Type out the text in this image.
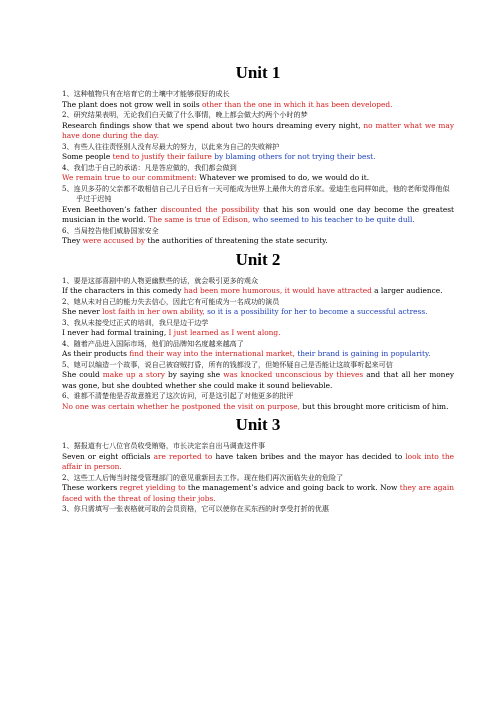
Unit 1

1、这种植物只有在培育它的土壤中才能够很好的成长

The plant does not grow well in soils other than the one in which it has been developed.

2、研究结果表明，无论我们白天做了什么事情，晚上都会做大约两个小时的梦

Research findings show that we spend about two hours dreaming every night, no matter what we may have done during the day.

3、有些人往往责怪别人没有尽最大的努力，以此来为自己的失败辩护

Some people tend to justify their failure by blaming others for not trying their best.

4、我们忠于自己的承诺：凡是答应做的，我们都会做到

We remain true to our commitment: Whatever we promised to do, we would do it.

5、连贝多芬的父亲都不敢相信自己儿子日后有一天可能成为世界上最伟大的音乐家。爱迪生也同样如此，他的老师觉得他似乎过于迟钝

Even Beethoven’s father discounted the possibility that his son would one day become the greatest musician in the world. The same is true of Edison, who seemed to his teacher to be quite dull.

6、当局控告他们威胁国家安全

They were accused by the authorities of threatening the state security.

Unit 2

1、要是这部喜剧中的人物更幽默些的话，就会吸引更多的观众

If the characters in this comedy had been more humorous, it would have attracted a larger audience.

2、她从未对自己的能力失去信心，因此它有可能成为一名成功的演员

She never lost faith in her own ability, so it is a possibility for her to become a successful actress.

3、我从未接受过正式的培训，我只是边干边学

I never had formal training, I just learned as I went along.

4、随着产品进入国际市场，他们的品牌知名度越来越高了

As their products find their way into the international market, their brand is gaining in popularity.

5、她可以编造一个故事，说自己被窃贼打昏，所有的钱都没了，但她怀疑自己是否能让这故事听起来可信

She could make up a story by saying she was knocked unconscious by thieves and that all her money was gone, but she doubted whether she could make it sound believable.

6、谁都不清楚他是否故意推迟了这次访问，可是这引起了对他更多的批评

No one was certain whether he postponed the visit on purpose, but this brought more criticism of him.

Unit 3

1、据报道有七八位官员收受贿赂，市长决定亲自出马调查这件事

Seven or eight officials are reported to have taken bribes and the mayor has decided to look into the affair in person.

2、这些工人后悔当时接受管理部门的意见重新回去工作。现在他们再次面临失业的危险了

These workers regret yielding to the management’s advice and going back to work. Now they are again faced with the threat of losing their jobs.

3、你只需填写一张表格就可取的会员资格，它可以使你在买东西的时享受打折的优惠
